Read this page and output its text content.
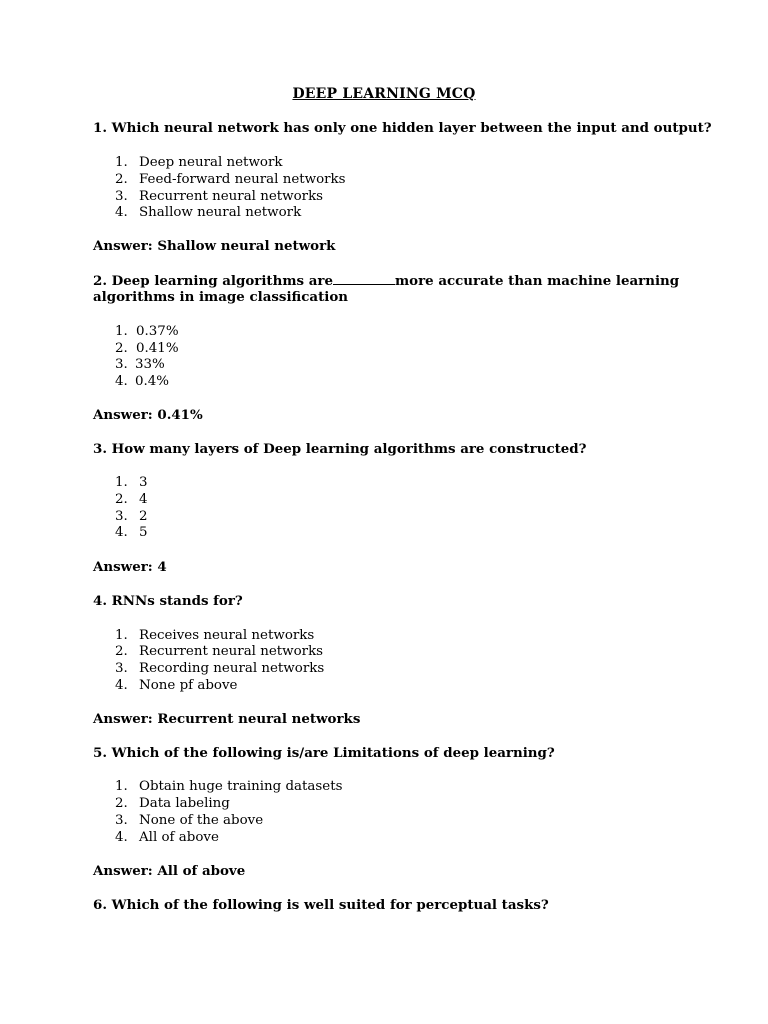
DEEP LEARNING MCQ
1. Which neural network has only one hidden layer between the input and output?
1. Deep neural network
2. Feed-forward neural networks
3. Recurrent neural networks
4. Shallow neural network
Answer: Shallow neural network
2. Deep learning algorithms are	more accurate than machine learning
algorithms in image classification
1. 0.37%
2. 0.41%
3. 33%
4. 0.4%
Answer: 0.41%
3. How many layers of Deep learning algorithms are constructed?
1. 3
2. 4
3. 2
4. 5
Answer: 4
4. RNNs stands for?
1. Receives neural networks
2. Recurrent neural networks
3. Recording neural networks
4. None pf above
Answer: Recurrent neural networks
5. Which of the following is/are Limitations of deep learning?
1. Obtain huge training datasets
2. Data labeling
3. None of the above
4. All of above
Answer: All of above
6. Which of the following is well suited for perceptual tasks?
